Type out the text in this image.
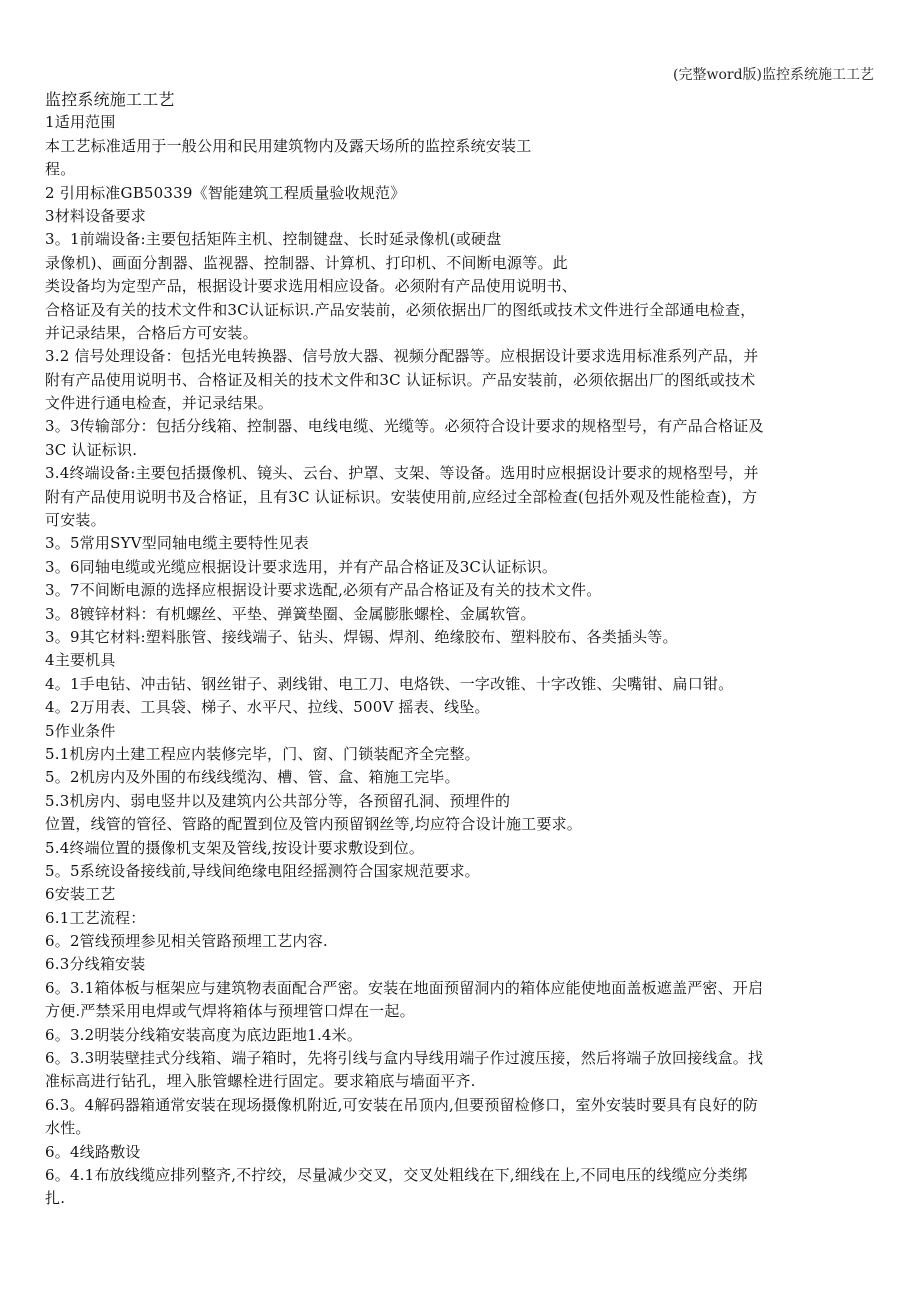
(完整word版)监控系统施工工艺
监控系统施工工艺
1适用范围
本工艺标准适用于一般公用和民用建筑物内及露天场所的监控系统安装工
程。
2 引用标准GB50339《智能建筑工程质量验收规范》
3材料设备要求
3。1前端设备:主要包括矩阵主机、控制键盘、长时延录像机(或硬盘
录像机)、画面分割器、监视器、控制器、计算机、打印机、不间断电源等。此
类设备均为定型产品，根据设计要求选用相应设备。必须附有产品使用说明书、
合格证及有关的技术文件和3C认证标识.产品安装前，必须依据出厂的图纸或技术文件进行全部通电检查，
并记录结果，合格后方可安装。
3.2 信号处理设备：包括光电转换器、信号放大器、视频分配器等。应根据设计要求选用标准系列产品，并
附有产品使用说明书、合格证及相关的技术文件和3C 认证标识。产品安装前，必须依据出厂的图纸或技术
文件进行通电检查，并记录结果。
3。3传输部分：包括分线箱、控制器、电线电缆、光缆等。必须符合设计要求的规格型号，有产品合格证及
3C 认证标识.
3.4终端设备:主要包括摄像机、镜头、云台、护罩、支架、等设备。选用时应根据设计要求的规格型号，并
附有产品使用说明书及合格证，且有3C 认证标识。安装使用前,应经过全部检查(包括外观及性能检查)，方
可安装。
3。5常用SYV型同轴电缆主要特性见表
3。6同轴电缆或光缆应根据设计要求选用，并有产品合格证及3C认证标识。
3。7不间断电源的选择应根据设计要求选配,必须有产品合格证及有关的技术文件。
3。8镀锌材料：有机螺丝、平垫、弹簧垫圈、金属膨胀螺栓、金属软管。
3。9其它材料:塑料胀管、接线端子、钻头、焊锡、焊剂、绝缘胶布、塑料胶布、各类插头等。
4主要机具
4。1手电钻、冲击钻、钢丝钳子、剥线钳、电工刀、电烙铁、一字改锥、十字改锥、尖嘴钳、扁口钳。
4。2万用表、工具袋、梯子、水平尺、拉线、500V 摇表、线坠。
5作业条件
5.1机房内土建工程应内装修完毕，门、窗、门锁装配齐全完整。
5。2机房内及外围的布线线缆沟、槽、管、盒、箱施工完毕。
5.3机房内、弱电竖井以及建筑内公共部分等，各预留孔洞、预埋件的
位置，线管的管径、管路的配置到位及管内预留钢丝等,均应符合设计施工要求。
5.4终端位置的摄像机支架及管线,按设计要求敷设到位。
5。5系统设备接线前,导线间绝缘电阻经摇测符合国家规范要求。
6安装工艺
6.1工艺流程：
6。2管线预埋参见相关管路预埋工艺内容.
6.3分线箱安装
6。3.1箱体板与框架应与建筑物表面配合严密。安装在地面预留洞内的箱体应能使地面盖板遮盖严密、开启
方便.严禁采用电焊或气焊将箱体与预埋管口焊在一起。
6。3.2明装分线箱安装高度为底边距地1.4米。
6。3.3明装壁挂式分线箱、端子箱时，先将引线与盒内导线用端子作过渡压接，然后将端子放回接线盒。找
准标高进行钻孔，埋入胀管螺栓进行固定。要求箱底与墙面平齐.
6.3。4解码器箱通常安装在现场摄像机附近,可安装在吊顶内,但要预留检修口，室外安装时要具有良好的防
水性。
6。4线路敷设
6。4.1布放线缆应排列整齐,不拧绞，尽量减少交叉，交叉处粗线在下,细线在上,不同电压的线缆应分类绑
扎.
